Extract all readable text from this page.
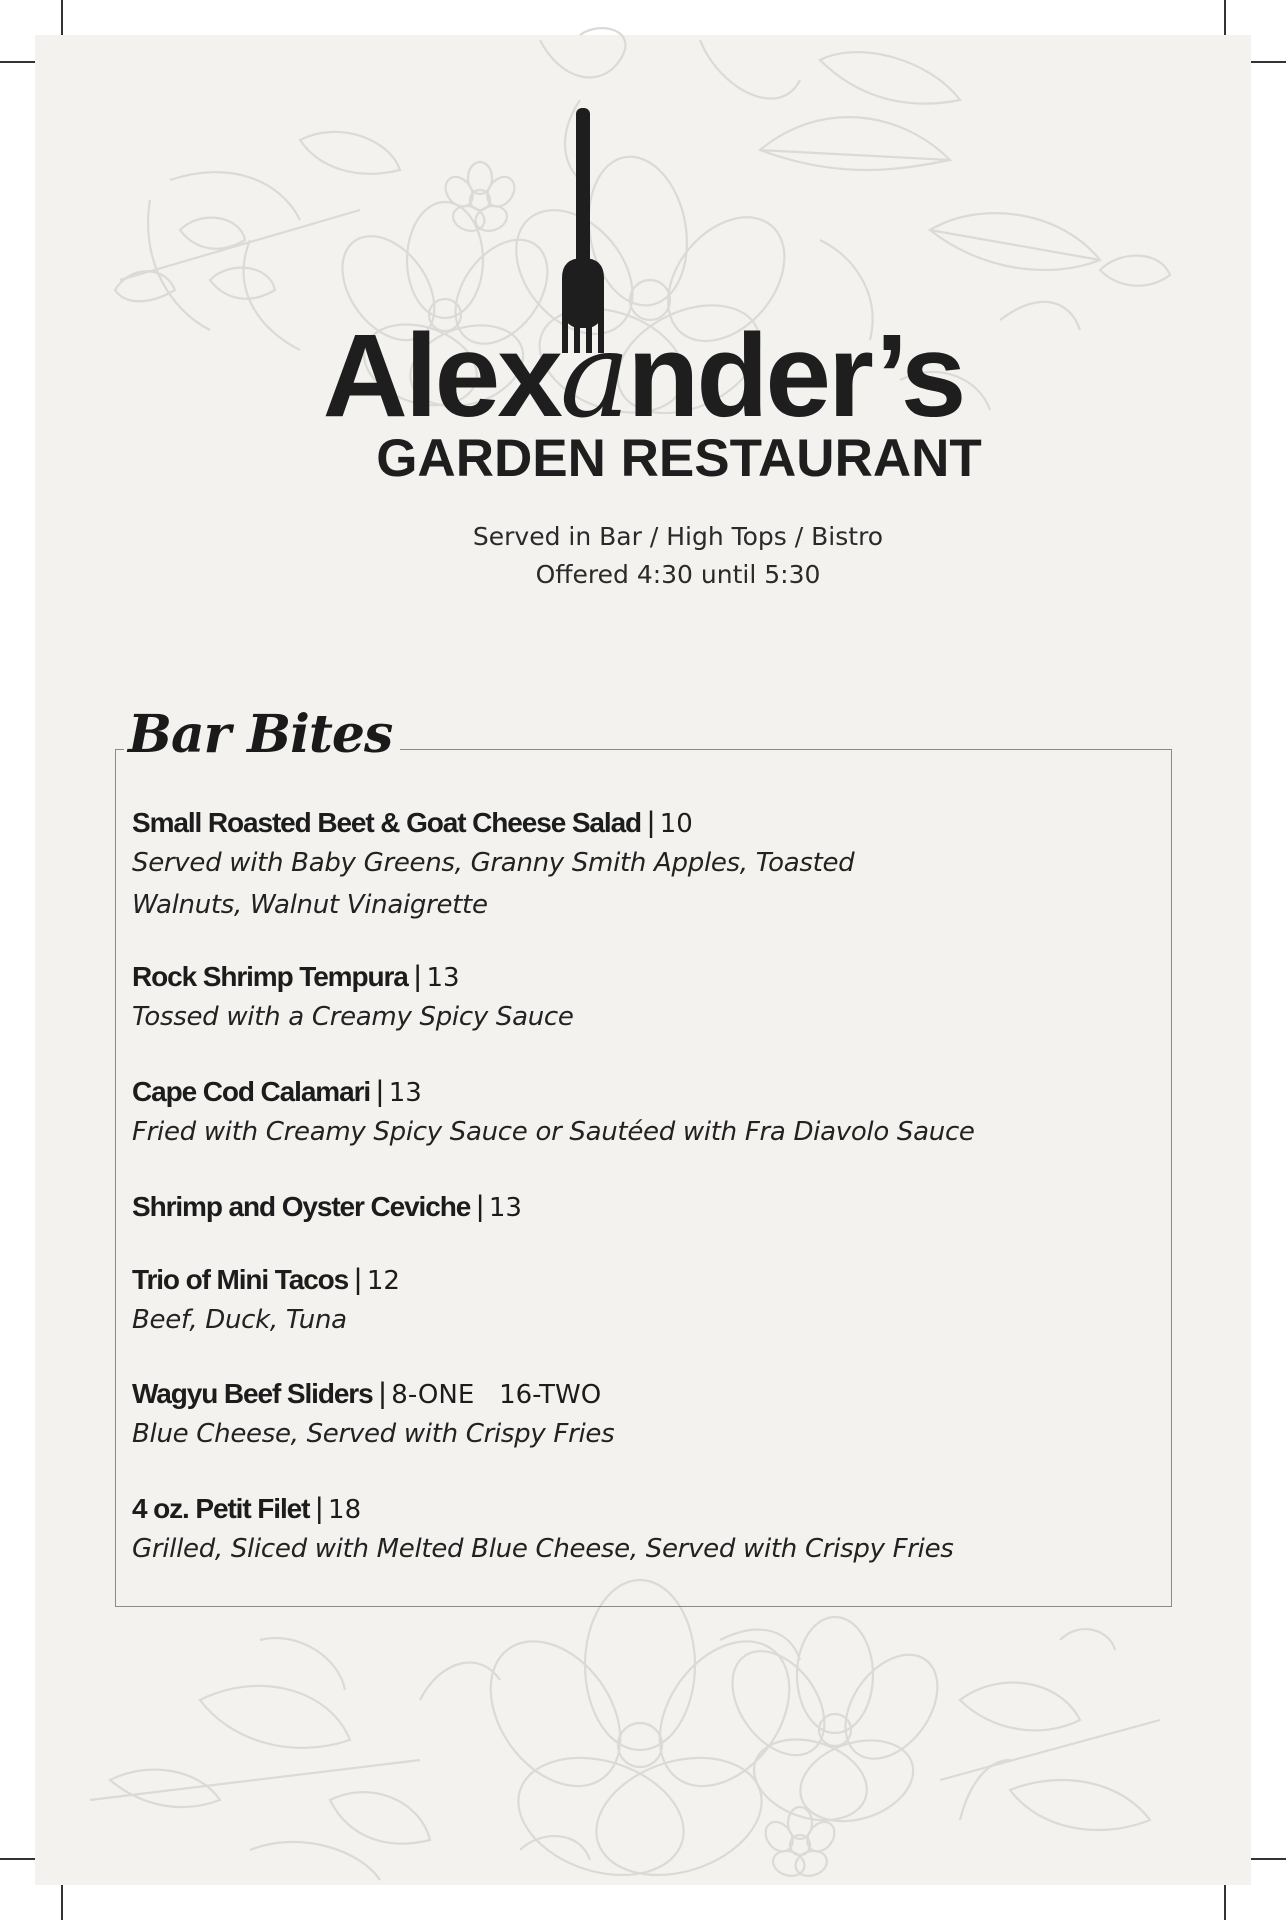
Alexander’s
GARDEN RESTAURANT
Served in Bar / High Tops / Bistro
Offered 4:30 until 5:30
Bar Bites
Small Roasted Beet & Goat Cheese Salad | 10
Served with Baby Greens, Granny Smith Apples, Toasted Walnuts, Walnut Vinaigrette
Rock Shrimp Tempura | 13
Tossed with a Creamy Spicy Sauce
Cape Cod Calamari | 13
Fried with Creamy Spicy Sauce or Sautéed with Fra Diavolo Sauce
Shrimp and Oyster Ceviche | 13
Trio of Mini Tacos | 12
Beef, Duck, Tuna
Wagyu Beef Sliders | 8-ONE   16-TWO
Blue Cheese, Served with Crispy Fries
4 oz. Petit Filet | 18
Grilled, Sliced with Melted Blue Cheese, Served with Crispy Fries
